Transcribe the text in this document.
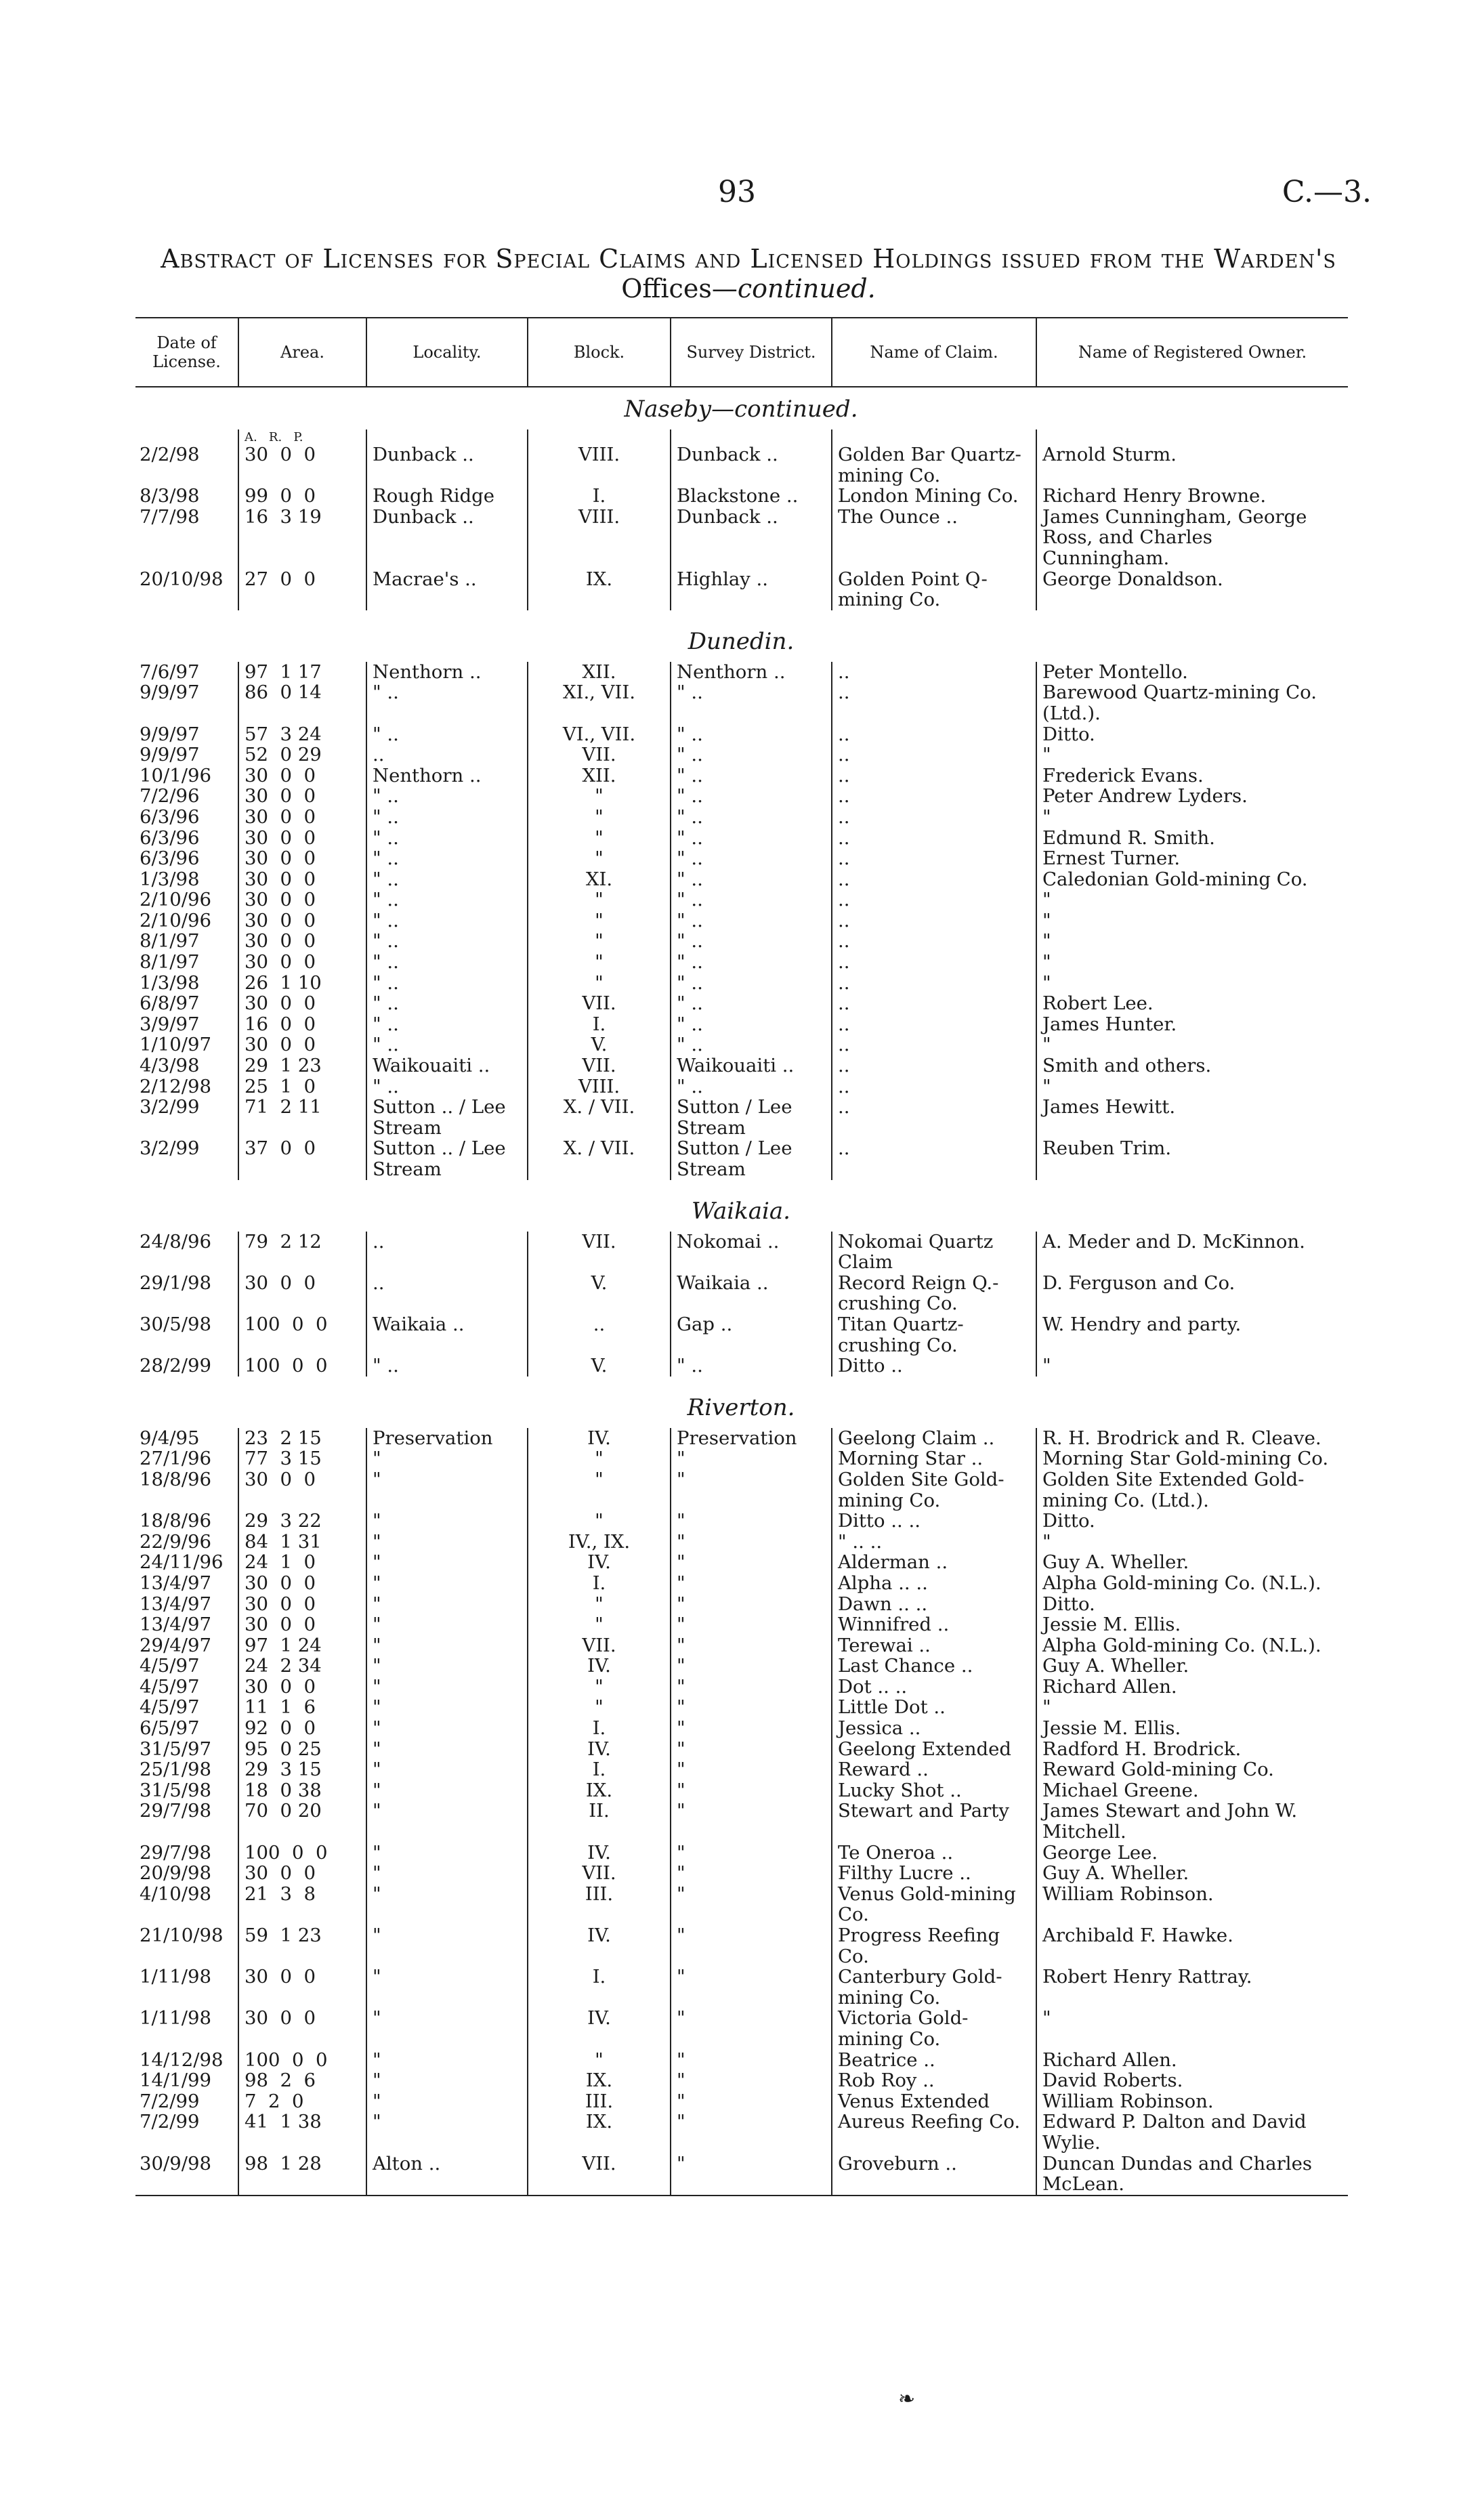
93	C.—3.
Abstract of Licenses for Special Claims and Licensed Holdings issued from the Warden's
Offices—continued.
Date of License.	Area.	Locality.	Block.	Survey District.	Name of Claim.	Name of Registered Owner.
Naseby—continued.						
	A.   R.   P.					
2/2/98	30  0  0	Dunback ..	VIII.	Dunback ..	Golden Bar Quartz-mining Co.	Arnold Sturm.
8/3/98	99  0  0	Rough Ridge	I.	Blackstone ..	London Mining Co.	Richard Henry Browne.
7/7/98	16  3 19	Dunback ..	VIII.	Dunback ..	The Ounce ..	James Cunningham, George Ross, and Charles Cunningham.
20/10/98	27  0  0	Macrae's ..	IX.	Highlay ..	Golden Point Q-mining Co.	George Donaldson.
Dunedin.						
7/6/97	97  1 17	Nenthorn ..	XII.	Nenthorn ..	..	Peter Montello.
9/9/97	86  0 14	" ..	XI., VII.	" ..	..	Barewood Quartz-mining Co. (Ltd.).
9/9/97	57  3 24	" ..	VI., VII.	" ..	..	Ditto.
9/9/97	52  0 29	..	VII.	" ..	..	"
10/1/96	30  0  0	Nenthorn ..	XII.	" ..	..	Frederick Evans.
7/2/96	30  0  0	" ..	"	" ..	..	Peter Andrew Lyders.
6/3/96	30  0  0	" ..	"	" ..	..	"
6/3/96	30  0  0	" ..	"	" ..	..	Edmund R. Smith.
6/3/96	30  0  0	" ..	"	" ..	..	Ernest Turner.
1/3/98	30  0  0	" ..	XI.	" ..	..	Caledonian Gold-mining Co.
2/10/96	30  0  0	" ..	"	" ..	..	"
2/10/96	30  0  0	" ..	"	" ..	..	"
8/1/97	30  0  0	" ..	"	" ..	..	"
8/1/97	30  0  0	" ..	"	" ..	..	"
1/3/98	26  1 10	" ..	"	" ..	..	"
6/8/97	30  0  0	" ..	VII.	" ..	..	Robert Lee.
3/9/97	16  0  0	" ..	I.	" ..	..	James Hunter.
1/10/97	30  0  0	" ..	V.	" ..	..	"
4/3/98	29  1 23	Waikouaiti ..	VII.	Waikouaiti ..	..	Smith and others.
2/12/98	25  1  0	" ..	VIII.	" ..	..	"
3/2/99	71  2 11	Sutton .. / Lee Stream	X. / VII.	Sutton / Lee Stream	..	James Hewitt.
3/2/99	37  0  0	Sutton .. / Lee Stream	X. / VII.	Sutton / Lee Stream	..	Reuben Trim.
Waikaia.						
24/8/96	79  2 12	..	VII.	Nokomai ..	Nokomai Quartz Claim	A. Meder and D. McKinnon.
29/1/98	30  0  0	..	V.	Waikaia ..	Record Reign Q.-crushing Co.	D. Ferguson and Co.
30/5/98	100  0  0	Waikaia ..	..	Gap ..	Titan Quartz-crushing Co.	W. Hendry and party.
28/2/99	100  0  0	" ..	V.	" ..	Ditto ..	"
Riverton.						
9/4/95	23  2 15	Preservation	IV.	Preservation	Geelong Claim ..	R. H. Brodrick and R. Cleave.
27/1/96	77  3 15	"	"	"	Morning Star ..	Morning Star Gold-mining Co.
18/8/96	30  0  0	"	"	"	Golden Site Gold-mining Co.	Golden Site Extended Gold-mining Co. (Ltd.).
18/8/96	29  3 22	"	"	"	Ditto .. ..	Ditto.
22/9/96	84  1 31	"	IV., IX.	"	" .. ..	"
24/11/96	24  1  0	"	IV.	"	Alderman ..	Guy A. Wheller.
13/4/97	30  0  0	"	I.	"	Alpha .. ..	Alpha Gold-mining Co. (N.L.).
13/4/97	30  0  0	"	"	"	Dawn .. ..	Ditto.
13/4/97	30  0  0	"	"	"	Winnifred ..	Jessie M. Ellis.
29/4/97	97  1 24	"	VII.	"	Terewai ..	Alpha Gold-mining Co. (N.L.).
4/5/97	24  2 34	"	IV.	"	Last Chance ..	Guy A. Wheller.
4/5/97	30  0  0	"	"	"	Dot .. ..	Richard Allen.
4/5/97	11  1  6	"	"	"	Little Dot ..	"
6/5/97	92  0  0	"	I.	"	Jessica ..	Jessie M. Ellis.
31/5/97	95  0 25	"	IV.	"	Geelong Extended	Radford H. Brodrick.
25/1/98	29  3 15	"	I.	"	Reward ..	Reward Gold-mining Co.
31/5/98	18  0 38	"	IX.	"	Lucky Shot ..	Michael Greene.
29/7/98	70  0 20	"	II.	"	Stewart and Party	James Stewart and John W. Mitchell.
29/7/98	100  0  0	"	IV.	"	Te Oneroa ..	George Lee.
20/9/98	30  0  0	"	VII.	"	Filthy Lucre ..	Guy A. Wheller.
4/10/98	21  3  8	"	III.	"	Venus Gold-mining Co.	William Robinson.
21/10/98	59  1 23	"	IV.	"	Progress Reefing Co.	Archibald F. Hawke.
1/11/98	30  0  0	"	I.	"	Canterbury Gold-mining Co.	Robert Henry Rattray.
1/11/98	30  0  0	"	IV.	"	Victoria Gold-mining Co.	"
14/12/98	100  0  0	"	"	"	Beatrice ..	Richard Allen.
14/1/99	98  2  6	"	IX.	"	Rob Roy ..	David Roberts.
7/2/99	7  2  0	"	III.	"	Venus Extended	William Robinson.
7/2/99	41  1 38	"	IX.	"	Aureus Reefing Co.	Edward P. Dalton and David Wylie.
30/9/98	98  1 28	Alton ..	VII.	"	Groveburn ..	Duncan Dundas and Charles McLean.

❧
